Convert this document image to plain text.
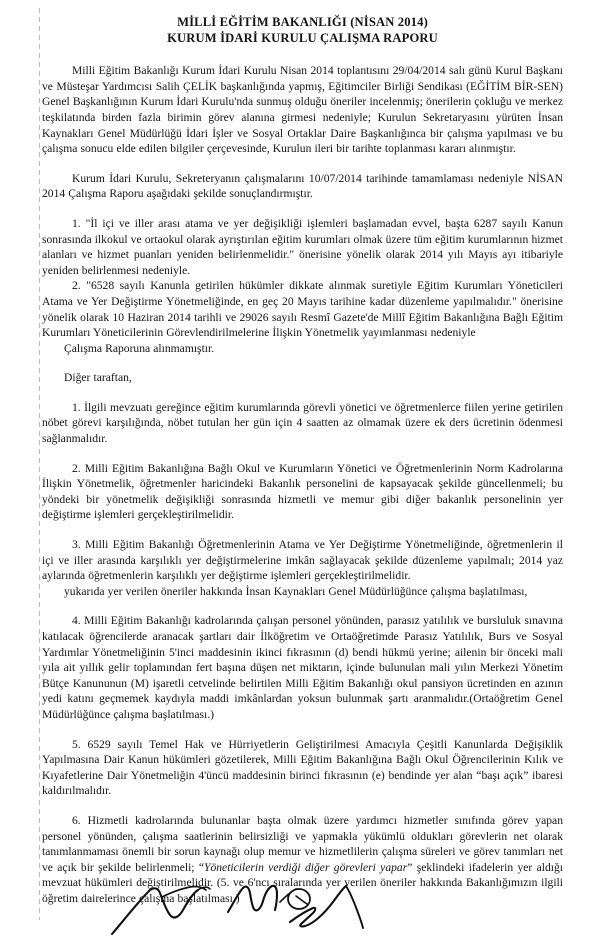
MİLLİ EĞİTİM BAKANLIĞI (NİSAN 2014)
KURUM İDARİ KURULU ÇALIŞMA RAPORU

Milli Eğitim Bakanlığı Kurum İdari Kurulu Nisan 2014 toplantısını 29/04/2014 salı günü Kurul Başkanı ve Müsteşar Yardımcısı Salih ÇELİK başkanlığında yapmış, Eğitimciler Birliği Sendikası (EĞİTİM BİR-SEN) Genel Başkanlığının Kurum İdari Kurulu'nda sunmuş olduğu öneriler incelenmiş; önerilerin çokluğu ve merkez teşkilatında birden fazla birimin görev alanına girmesi nedeniyle; Kurulun Sekretaryasını yürüten İnsan Kaynakları Genel Müdürlüğü İdari İşler ve Sosyal Ortaklar Daire Başkanlığınca bir çalışma yapılması ve bu çalışma sonucu elde edilen bilgiler çerçevesinde, Kurulun ileri bir tarihte toplanması kararı alınmıştır.

Kurum İdari Kurulu, Sekreteryanın çalışmalarını 10/07/2014 tarihinde tamamlaması nedeniyle NİSAN 2014 Çalışma Raporu aşağıdaki şekilde sonuçlandırmıştır.

1. "İl içi ve iller arası atama ve yer değişikliği işlemleri başlamadan evvel, başta 6287 sayılı Kanun sonrasında ilkokul ve ortaokul olarak ayrıştırılan eğitim kurumları olmak üzere tüm eğitim kurumlarının hizmet alanları ve hizmet puanları yeniden belirlenmelidir." önerisine yönelik olarak 2014 yılı Mayıs ayı itibariyle yeniden belirlenmesi nedeniyle.

2. "6528 sayılı Kanunla getirilen hükümler dikkate alınmak suretiyle Eğitim Kurumları Yöneticileri Atama ve Yer Değiştirme Yönetmeliğinde, en geç 20 Mayıs tarihine kadar düzenleme yapılmalıdır." önerisine yönelik olarak 10 Haziran 2014 tarihli ve 29026 sayılı Resmî Gazete'de Millî Eğitim Bakanlığına Bağlı Eğitim Kurumları Yöneticilerinin Görevlendirilmelerine İlişkin Yönetmelik yayımlanması nedeniyle

Çalışma Raporuna alınmamıştır.

Diğer taraftan,

1. İlgili mevzuatı gereğince eğitim kurumlarında görevli yönetici ve öğretmenlerce fiilen yerine getirilen nöbet görevi karşılığında, nöbet tutulan her gün için 4 saatten az olmamak üzere ek ders ücretinin ödenmesi sağlanmalıdır.

2. Milli Eğitim Bakanlığına Bağlı Okul ve Kurumların Yönetici ve Öğretmenlerinin Norm Kadrolarına İlişkin Yönetmelik, öğretmenler haricindeki Bakanlık personelini de kapsayacak şekilde güncellenmeli; bu yöndeki bir yönetmelik değişikliği sonrasında hizmetli ve memur gibi diğer bakanlık personelinin yer değiştirme işlemleri gerçekleştirilmelidir.

3. Milli Eğitim Bakanlığı Öğretmenlerinin Atama ve Yer Değiştirme Yönetmeliğinde, öğretmenlerin il içi ve iller arasında karşılıklı yer değiştirmelerine imkân sağlayacak şekilde düzenleme yapılmalı; 2014 yaz aylarında öğretmenlerin karşılıklı yer değiştirme işlemleri gerçekleştirilmelidir.

yukarıda yer verilen öneriler hakkında İnsan Kaynakları Genel Müdürlüğünce çalışma başlatılması,

4. Milli Eğitim Bakanlığı kadrolarında çalışan personel yönünden, parasız yatılılık ve bursluluk sınavına katılacak öğrencilerde aranacak şartları dair İlköğretim ve Ortaöğretimde Parasız Yatılılık, Burs ve Sosyal Yardımlar Yönetmeliğinin 5'inci maddesinin ikinci fıkrasının (d) bendi hükmü yerine; ailenin bir önceki mali yıla ait yıllık gelir toplamından fert başına düşen net miktarın, içinde bulunulan mali yılın Merkezi Yönetim Bütçe Kanununun (M) işaretli cetvelinde belirtilen Milli Eğitim Bakanlığı okul pansiyon ücretinden en azının yedi katını geçmemek kaydıyla maddi imkânlardan yoksun bulunmak şartı aranmalıdır.(Ortaöğretim Genel Müdürlüğünce çalışma başlatılması.)

5. 6529 sayılı Temel Hak ve Hürriyetlerin Geliştirilmesi Amacıyla Çeşitli Kanunlarda Değişiklik Yapılmasına Dair Kanun hükümleri gözetilerek, Milli Eğitim Bakanlığına Bağlı Okul Öğrencilerinin Kılık ve Kıyafetlerine Dair Yönetmeliğin 4'üncü maddesinin birinci fıkrasının (e) bendinde yer alan “başı açık” ibaresi kaldırılmalıdır.

6. Hizmetli kadrolarında bulunanlar başta olmak üzere yardımcı hizmetler sınıfında görev yapan personel yönünden, çalışma saatlerinin belirsizliği ve yapmakla yükümlü oldukları görevlerin net olarak tanımlanmaması önemli bir sorun kaynağı olup memur ve hizmetlilerin çalışma süreleri ve görev tanımları net ve açık bir şekilde belirlenmeli; “Yöneticilerin verdiği diğer görevleri yapar” şeklindeki ifadelerin yer aldığı mevzuat hükümleri değiştirilmelidir. (5. ve 6'ncı sıralarında yer verilen öneriler hakkında Bakanlığımızın ilgili öğretim dairelerince çalışma başlatılması.)
